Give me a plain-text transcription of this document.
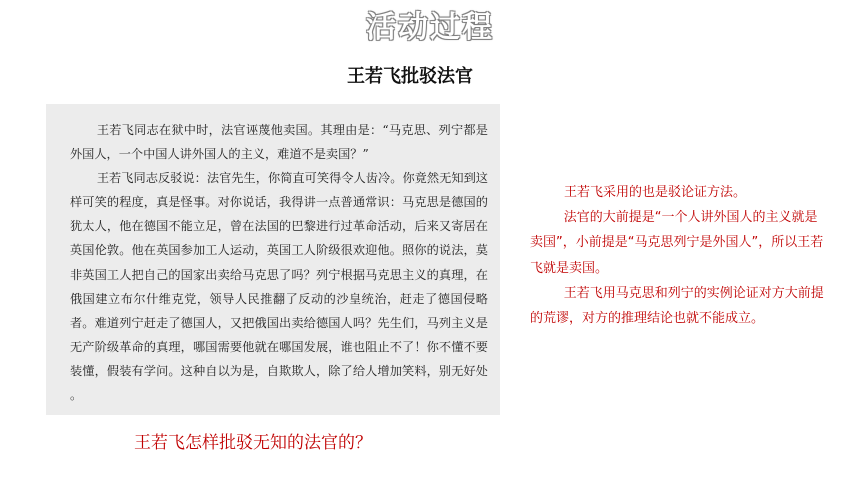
活动过程
王若飞批驳法官

王若飞同志在狱中时，法官诬蔑他卖国。其理由是：“马克思、列宁都是外国人，一个中国人讲外国人的主义，难道不是卖国？”

王若飞同志反驳说：法官先生，你简直可笑得令人齿冷。你竟然无知到这样可笑的程度，真是怪事。对你说话，我得讲一点普通常识：马克思是德国的犹太人，他在德国不能立足，曾在法国的巴黎进行过革命活动，后来又寄居在英国伦敦。他在英国参加工人运动，英国工人阶级很欢迎他。照你的说法，莫非英国工人把自己的国家出卖给马克思了吗？列宁根据马克思主义的真理，在俄国建立布尔什维克党，领导人民推翻了反动的沙皇统治，赶走了德国侵略者。难道列宁赶走了德国人，又把俄国出卖给德国人吗？先生们，马列主义是无产阶级革命的真理，哪国需要他就在哪国发展，谁也阻止不了！你不懂不要装懂，假装有学问。这种自以为是，自欺欺人，除了给人增加笑料，别无好处 。

王若飞怎样批驳无知的法官的？

王若飞采用的也是驳论证方法。

法官的大前提是“一个人讲外国人的主义就是卖国”，小前提是“马克思列宁是外国人”，所以王若飞就是卖国。

王若飞用马克思和列宁的实例论证对方大前提的荒谬，对方的推理结论也就不能成立。
